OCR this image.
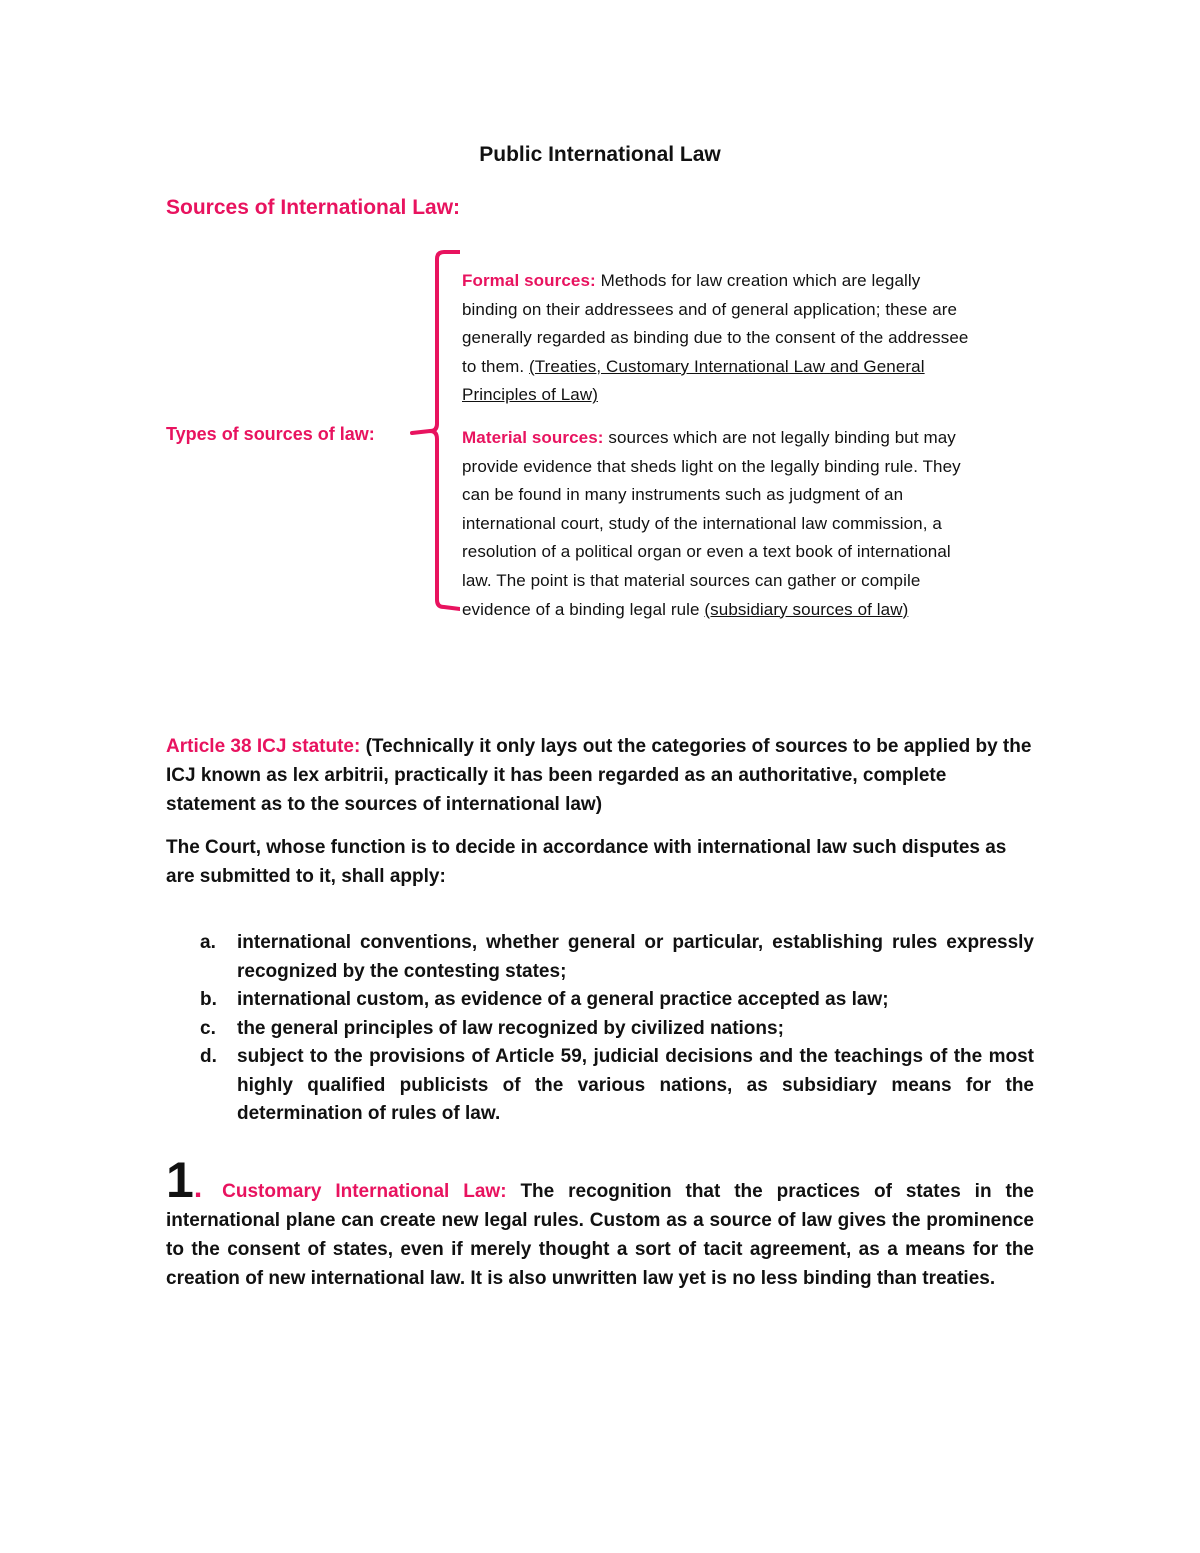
Public International Law
Sources of International Law:
Types of sources of law:

Formal sources: Methods for law creation which are legally binding on their addressees and of general application; these are generally regarded as binding due to the consent of the addressee to them. (Treaties, Customary International Law and General Principles of Law)

Material sources: sources which are not legally binding but may provide evidence that sheds light on the legally binding rule. They can be found in many instruments such as judgment of an international court, study of the international law commission, a resolution of a political organ or even a text book of international law. The point is that material sources can gather or compile evidence of a binding legal rule (subsidiary sources of law)

Article 38 ICJ statute: (Technically it only lays out the categories of sources to be applied by the ICJ known as lex arbitrii, practically it has been regarded as an authoritative, complete statement as to the sources of international law)

The Court, whose function is to decide in accordance with international law such disputes as are submitted to it, shall apply:

a. international conventions, whether general or particular, establishing rules expressly recognized by the contesting states;
b. international custom, as evidence of a general practice accepted as law;
c. the general principles of law recognized by civilized nations;
d. subject to the provisions of Article 59, judicial decisions and the teachings of the most highly qualified publicists of the various nations, as subsidiary means for the determination of rules of law.
1. Customary International Law: The recognition that the practices of states in the international plane can create new legal rules. Custom as a source of law gives the prominence to the consent of states, even if merely thought a sort of tacit agreement, as a means for the creation of new international law. It is also unwritten law yet is no less binding than treaties.
